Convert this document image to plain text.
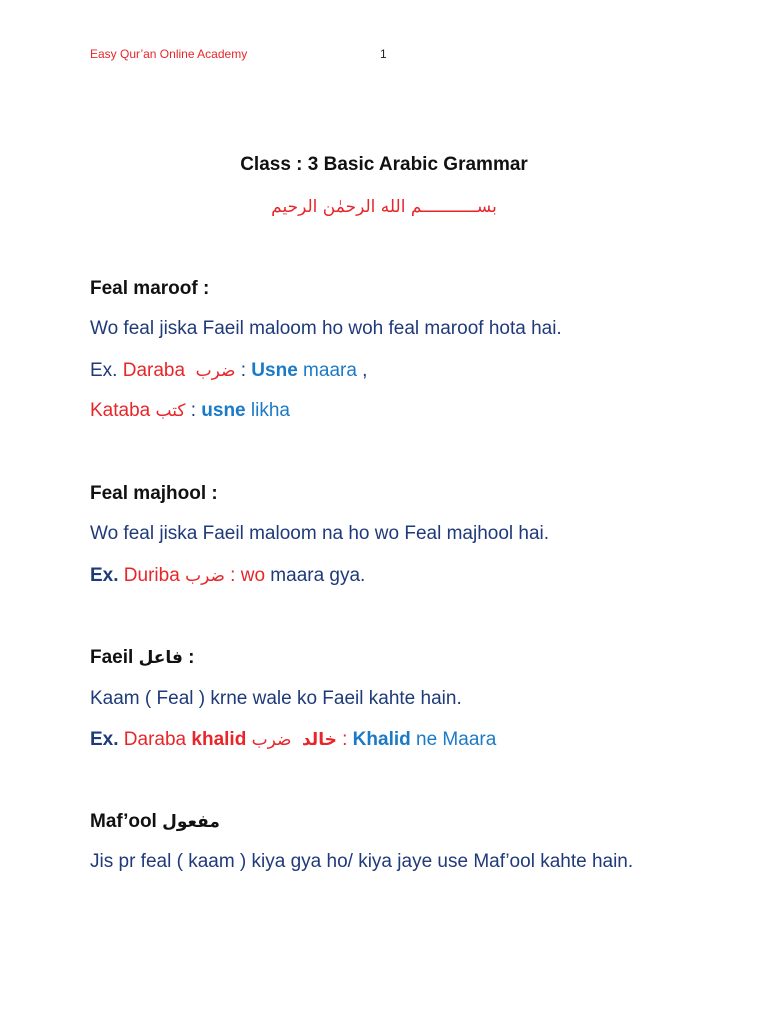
Easy Qur’an Online Academy	1
Class : 3 Basic Arabic Grammar
بســـــــــــم الله الرحمٰن الرحيم
Feal maroof :
Wo feal jiska Faeil maloom ho woh feal maroof hota hai.
Ex. Daraba ضرب : Usne maara ,
Kataba كتب : usne likha
Feal majhool :
Wo feal jiska Faeil maloom na ho wo Feal majhool hai.
Ex. Duriba ضرب : wo maara gya.
Faeil فاعل :
Kaam ( Feal ) krne wale ko Faeil kahte hain.
Ex. Daraba khalid	خالد  ضرب : Khalid ne Maara
Maf’ool مفعول
Jis pr feal ( kaam ) kiya gya ho/ kiya jaye use Maf’ool kahte hain.
